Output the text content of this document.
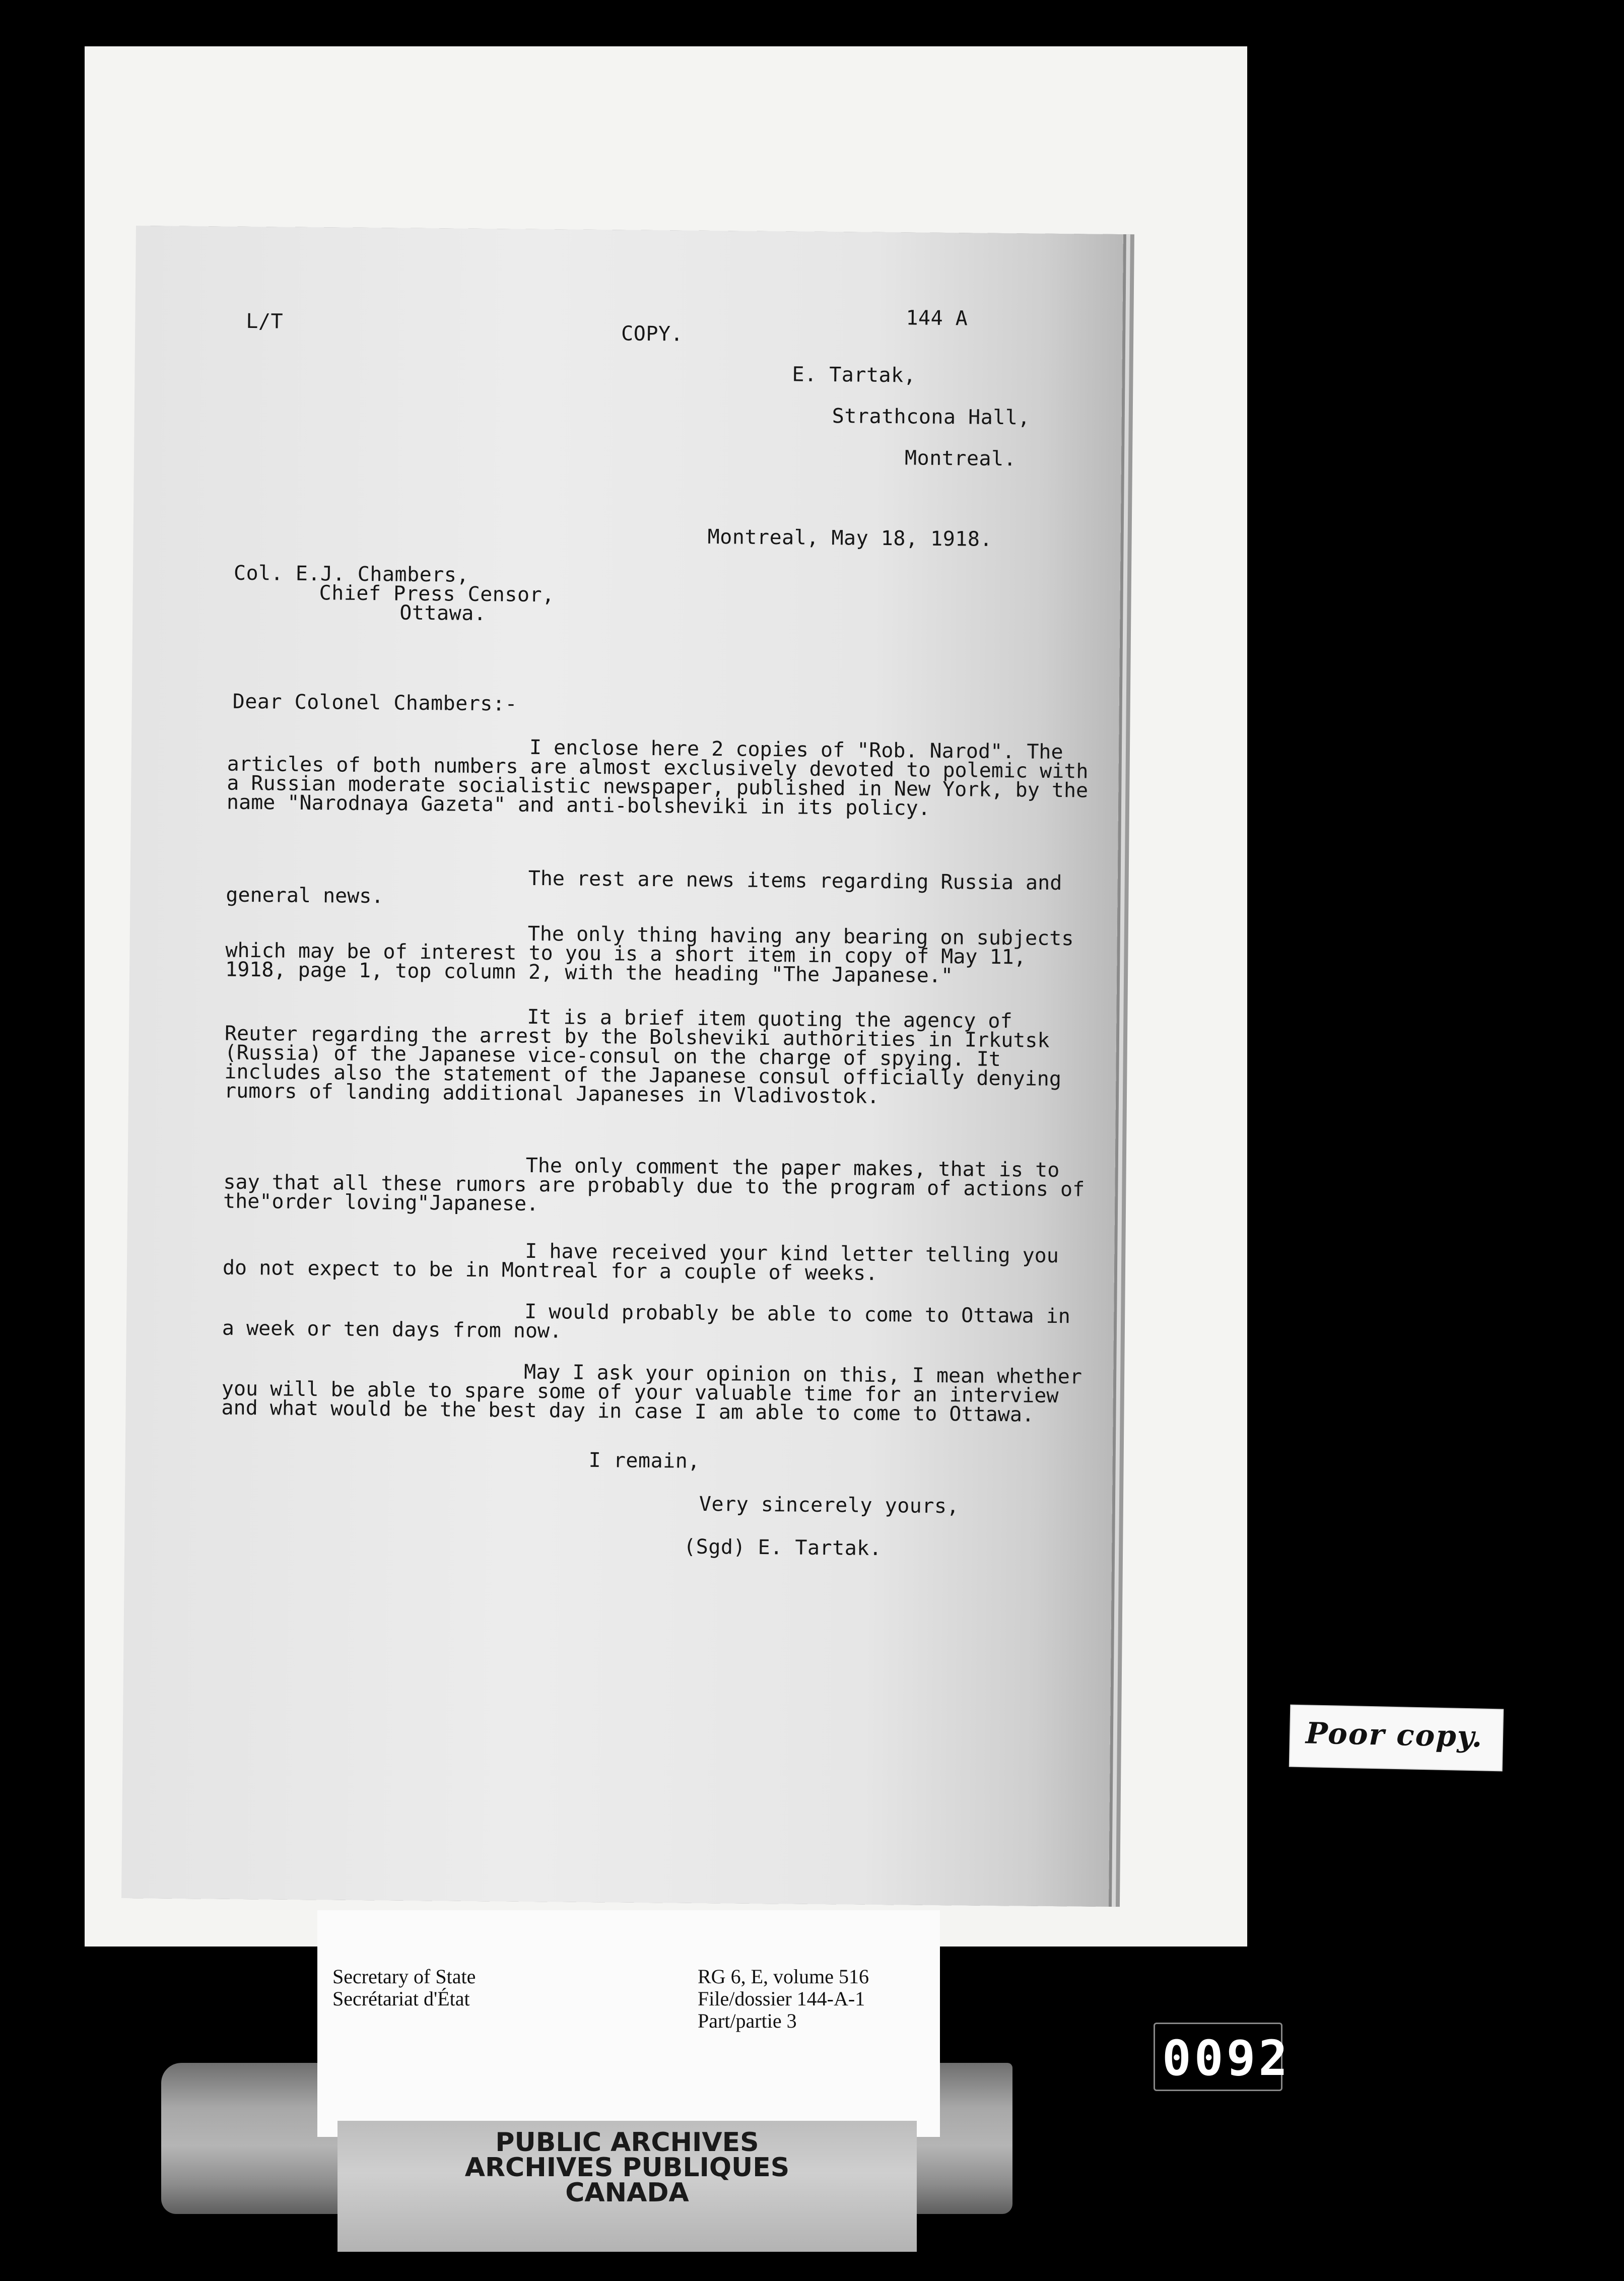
L/T
COPY.
144 A
E. Tartak,
Strathcona Hall,
Montreal.
Montreal, May 18, 1918.
Col. E.J. Chambers,
Chief Press Censor,
Ottawa.
Dear Colonel Chambers:-
I enclose here 2 copies of "Rob. Narod". The articles of both numbers are almost exclusively devoted to polemic with a Russian moderate socialistic newspaper, published in New York, by the name "Narodnaya Gazeta" and anti-bolsheviki in its policy.
The rest are news items regarding Russia and general news.
The only thing having any bearing on subjects which may be of interest to you is a short item in copy of May 11, 1918, page 1, top column 2, with the heading "The Japanese."
It is a brief item quoting the agency of Reuter regarding the arrest by the Bolsheviki authorities in Irkutsk (Russia) of the Japanese vice-consul on the charge of spying. It includes also the statement of the Japanese consul officially denying rumors of landing additional Japaneses in Vladivostok.
The only comment the paper makes, that is to say that all these rumors are probably due to the program of actions of the"order loving"Japanese.
I have received your kind letter telling you do not expect to be in Montreal for a couple of weeks.
I would probably be able to come to Ottawa in a week or ten days from now.
May I ask your opinion on this, I mean whether you will be able to spare some of your valuable time for an interview and what would be the best day in case I am able to come to Ottawa.
I remain,
Very sincerely yours,
(Sgd) E. Tartak.
Poor copy.
0092
Secretary of State
Secrétariat d'État
RG 6, E, volume 516
File/dossier 144-A-1
Part/partie 3
PUBLIC ARCHIVES
ARCHIVES PUBLIQUES
CANADA
